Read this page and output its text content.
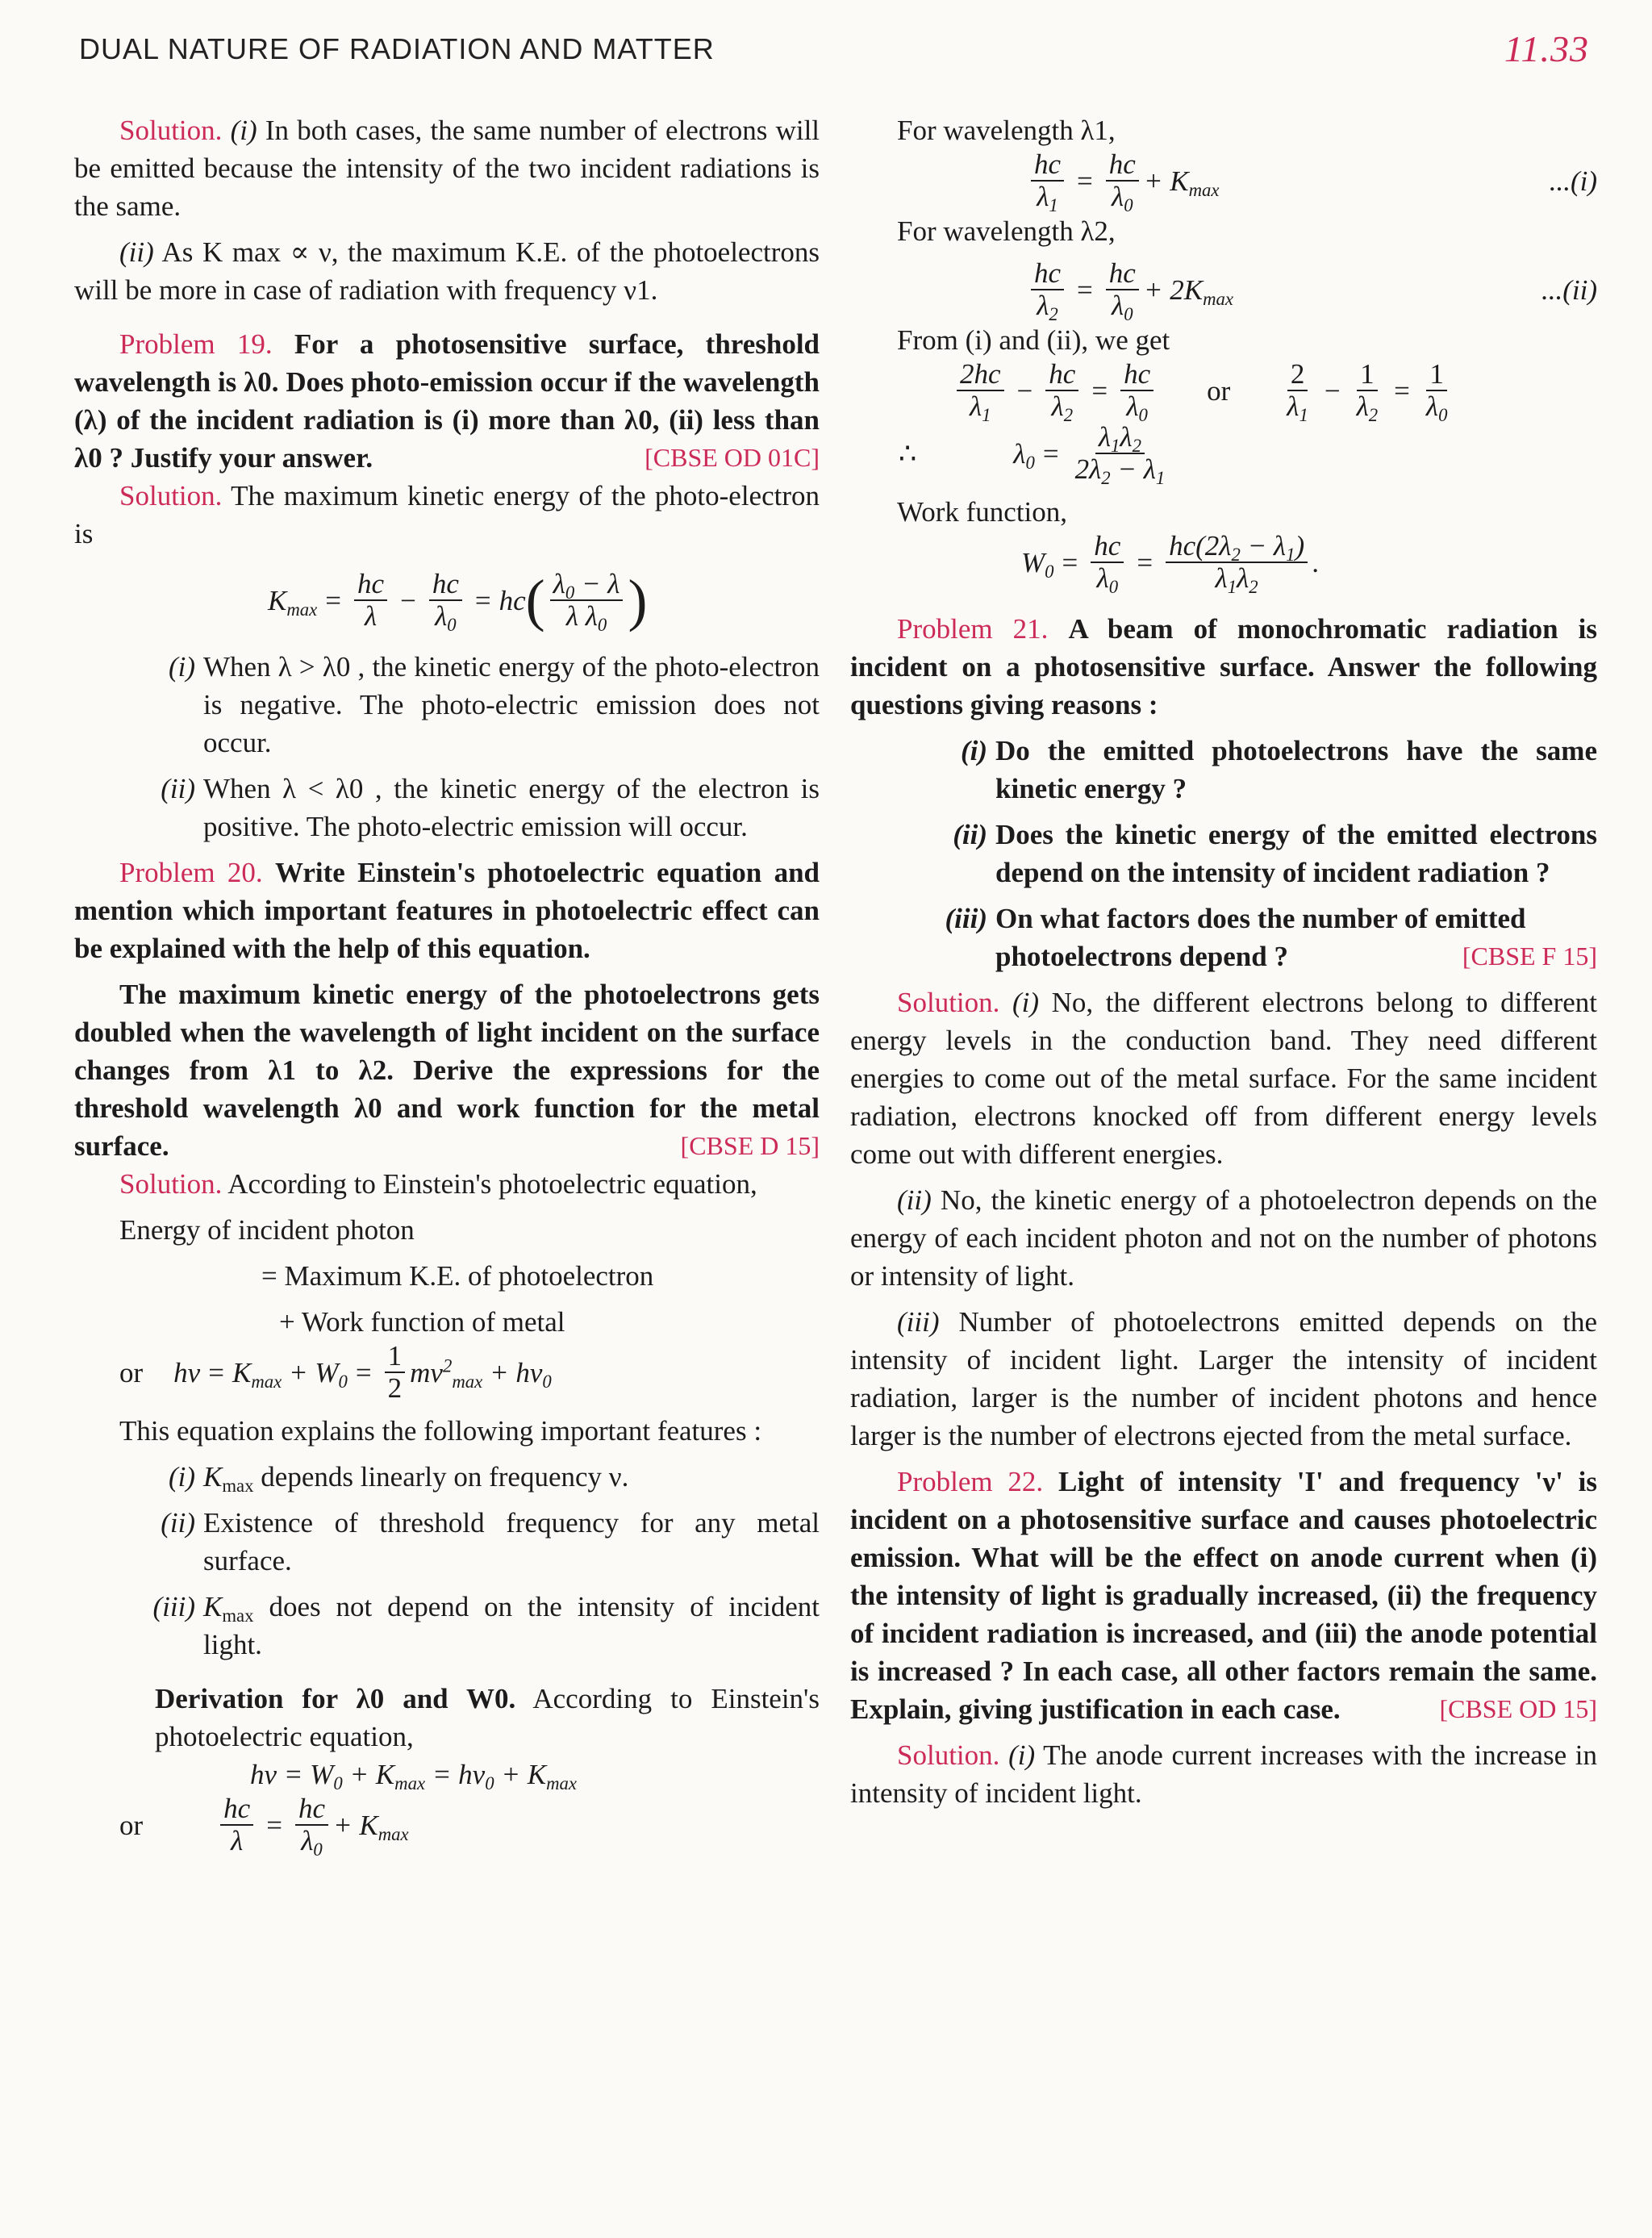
DUAL NATURE OF RADIATION AND MATTER	11.33

Solution. (i) In both cases, the same number of electrons will be emitted because the intensity of the two incident radiations is the same.

(ii) As K max ∝ ν, the maximum K.E. of the photoelectrons will be more in case of radiation with frequency ν1.

Problem 19. For a photosensitive surface, threshold wavelength is λ0. Does photo-emission occur if the wavelength (λ) of the incident radiation is (i) more than λ0, (ii) less than λ0 ? Justify your answer.	[CBSE OD 01C]

Solution. The maximum kinetic energy of the photo-electron is

$K_{max} = \frac{hc}{\lambda} - \frac{hc}{\lambda_0}$ = hc ( $\frac{\lambda_0 - \lambda}{\lambda \lambda_0}$ )
(i) When λ > λ0 , the kinetic energy of the photo-electron is negative. The photo-electric emission does not occur.
(ii) When λ < λ0 , the kinetic energy of the electron is positive. The photo-electric emission will occur.

Problem 20. Write Einstein's photoelectric equation and mention which important features in photoelectric effect can be explained with the help of this equation.

The maximum kinetic energy of the photoelectrons gets doubled when the wavelength of light incident on the surface changes from λ1 to λ2. Derive the expressions for the threshold wavelength λ0 and work function for the metal surface.	[CBSE D 15]

Solution. According to Einstein's photoelectric equation,

Energy of incident photon

= Maximum K.E. of photoelectron

+ Work function of metal

or $h\nu = K_{max} + W_0 = \frac{1}{2} mv^2_{max} + h\nu_0$

This equation explains the following important features :

(i) $K_{max}$ depends linearly on frequency ν.
(ii) Existence of threshold frequency for any metal surface.
(iii) $K_{max}$ does not depend on the intensity of incident light.

Derivation for λ0 and W0. According to Einstein's photoelectric equation,

$h\nu = W_0 + K_{max} = h\nu_0 + K_{max}$
or	$\frac{hc}{\lambda} = \frac{hc}{\lambda_0} + K_{max}$

For wavelength λ1,

$\frac{hc}{\lambda_1} = \frac{hc}{\lambda_0} + K_{max}$	...(i)

For wavelength λ2,

$\frac{hc}{\lambda_2} = \frac{hc}{\lambda_0} + 2K_{max}$	...(ii)

From (i) and (ii), we get

$\frac{2hc}{\lambda_1} - \frac{hc}{\lambda_2} = \frac{hc}{\lambda_0}$ or $\frac{2}{\lambda_1} - \frac{1}{\lambda_2} = \frac{1}{\lambda_0}$
∴	$\lambda_0 = \frac{\lambda_1\lambda_2}{2\lambda_2 - \lambda_1}$

Work function,

$W_0 = \frac{hc}{\lambda_0} = \frac{hc(2\lambda_2 - \lambda_1)}{\lambda_1\lambda_2}$ .

Problem 21. A beam of monochromatic radiation is incident on a photosensitive surface. Answer the following questions giving reasons :

(i) Do the emitted photoelectrons have the same kinetic energy ?
(ii) Does the kinetic energy of the emitted electrons depend on the intensity of incident radiation ?
(iii) On what factors does the number of emitted photoelectrons depend ?	[CBSE F 15]

Solution. (i) No, the different electrons belong to different energy levels in the conduction band. They need different energies to come out of the metal surface. For the same incident radiation, electrons knocked off from different energy levels come out with different energies.

(ii) No, the kinetic energy of a photoelectron depends on the energy of each incident photon and not on the number of photons or intensity of light.

(iii) Number of photoelectrons emitted depends on the intensity of incident light. Larger the intensity of incident radiation, larger is the number of incident photons and hence larger is the number of electrons ejected from the metal surface.

Problem 22. Light of intensity 'I' and frequency 'ν' is incident on a photosensitive surface and causes photoelectric emission. What will be the effect on anode current when (i) the intensity of light is gradually increased, (ii) the frequency of incident radiation is increased, and (iii) the anode potential is increased ? In each case, all other factors remain the same. Explain, giving justification in each case.	[CBSE OD 15]

Solution. (i) The anode current increases with the increase in intensity of incident light.
